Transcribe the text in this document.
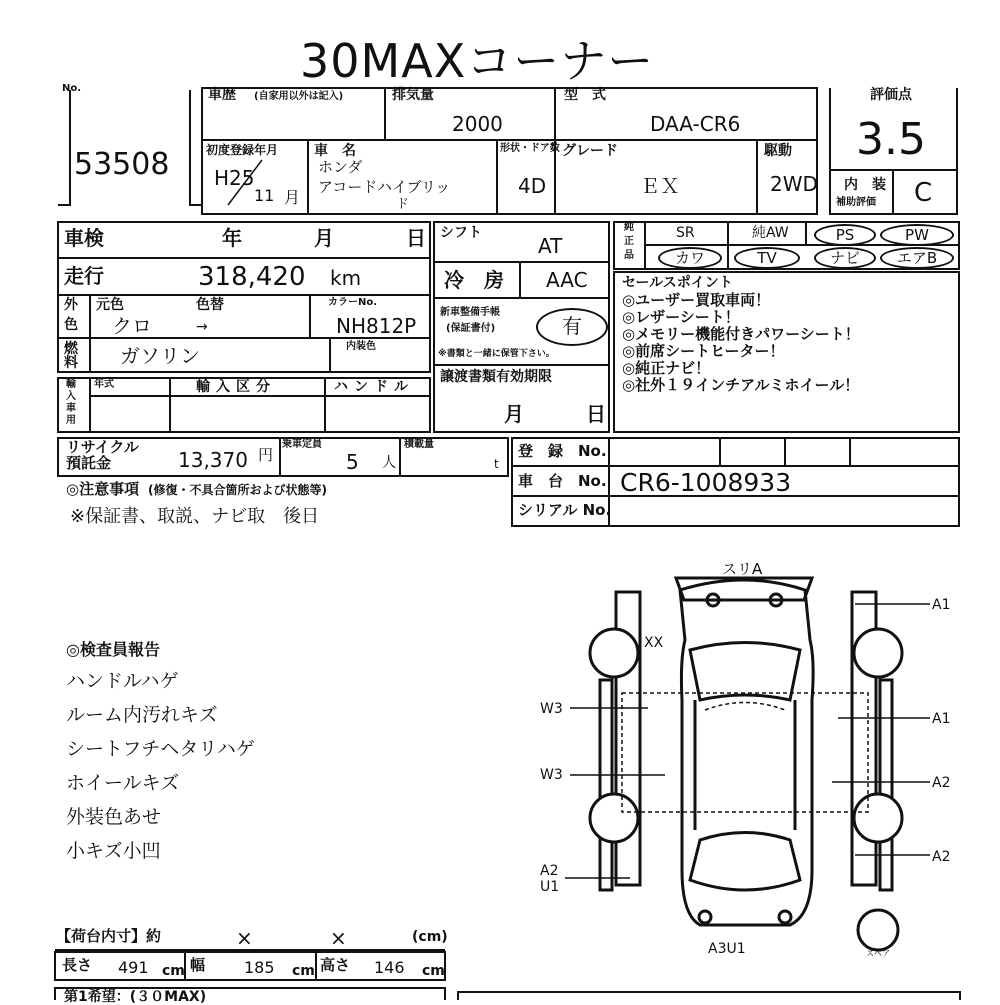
30MAXコーナー
No.
53508
車歴 (自家用以外は記入)	排気量
2000
型　式
DAA-CR6
評価点
3.5
内　装
補助評価 C
初度登録年月
H25
11 月
車　名
ホンダ
アコードハイブリッ
ド
形状・ドア数
4D
グレード
ＥＸ
駆動
2WD
車検	年	月	日
走行	318,420 km
外
色
元色	色替
クロ	→
カラーNo.
NH812P
内装色
燃
料 ガソリン
輸
入
車
用
年式	輸入区分	ハンドル
シフト
AT
冷　房 AAC
新車整備手帳
(保証書付)	有
※書類と一緒に保管下さい。
譲渡書類有効期限
月	日
純
正
品
SR	純AW	PS	PW
カワ	TV	ナビ	エアB
セールスポイント
◎ユーザー買取車両！
◎レザーシート！
◎メモリー機能付きパワーシート！
◎前席シートヒーター！
◎純正ナビ！
◎社外１９インチアルミホイール！
リサイクル
預託金	13,370 円
乗車定員
5 人
積載量
t
登　録　No.
車　台　No. CR6-1008933
シリアル No.
◎注意事項 (修復・不具合箇所および状態等)
※保証書、取説、ナビ取　後日
◎検査員報告
ハンドルハゲ
ルーム内汚れキズ
シートフチヘタリハゲ
ホイールキズ
外装色あせ
小キズ小凹
スリA
XX
A1
A1
W3
W3	A2
A2
A2
U1
A3U1	スペア
【荷台内寸】約	×	×	(cm)
長さ 491 cm 幅 185 cm 高さ 146 cm
第1希望：(３０MAX)
